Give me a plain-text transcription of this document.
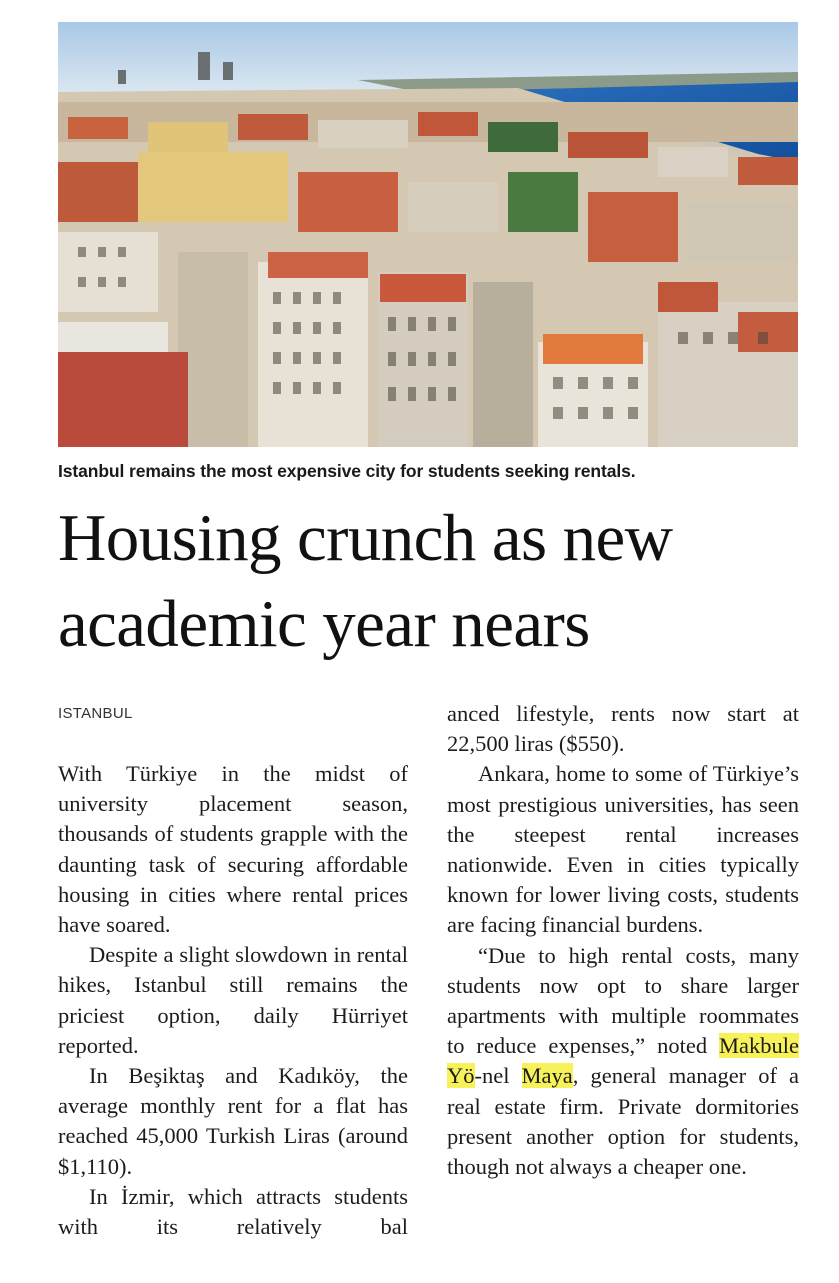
Istanbul remains the most expensive city for students seeking rentals.
Housing crunch as new academic year nears
ISTANBUL

With Türkiye in the midst of university placement season, thousands of students grapple with the daunting task of securing affordable housing in cities where rental prices have soared.

Despite a slight slowdown in rental hikes, Istanbul still remains the priciest option, daily Hürriyet reported.

In Beşiktaş and Kadıköy, the average monthly rent for a flat has reached 45,000 Turkish Liras (around $1,110).

In İzmir, which attracts students with its relatively bal

anced lifestyle, rents now start at 22,500 liras ($550).

Ankara, home to some of Türkiye’s most prestigious universities, has seen the steepest rental increases nationwide. Even in cities typically known for lower living costs, students are facing financial burdens.

“Due to high rental costs, many students now opt to share larger apartments with multiple roommates to reduce expenses,” noted Makbule Yö-nel Maya, general manager of a real estate firm. Private dormitories present another option for students, though not always a cheaper one.
